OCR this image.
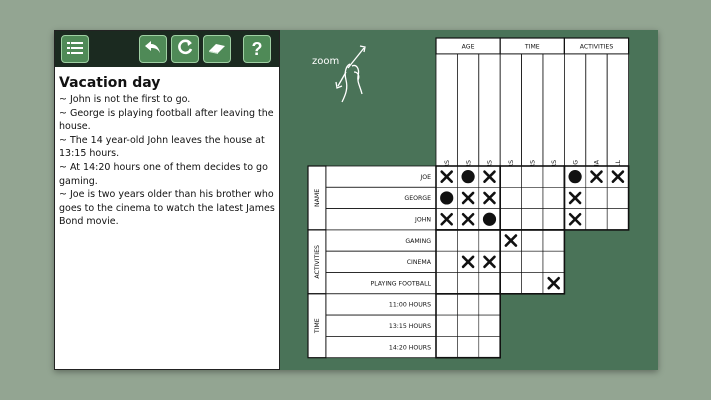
?
Vacation day
~ John is not the first to go.
~ George is playing football after leaving the house.
~ The 14 year-old John leaves the house at 13:15 hours.
~ At 14:20 hours one of them decides to go gaming.
~ Joe is two years older than his brother who goes to the cinema to watch the latest James Bond movie.
zoom
AGE	TIME	ACTIVITIES
NAME
ACTIVITIES
TIME
JOE
GEORGE
JOHN
GAMING
CINEMA
PLAYING FOOTBALL
11:00 HOURS
13:15 HOURS
14:20 HOURS
